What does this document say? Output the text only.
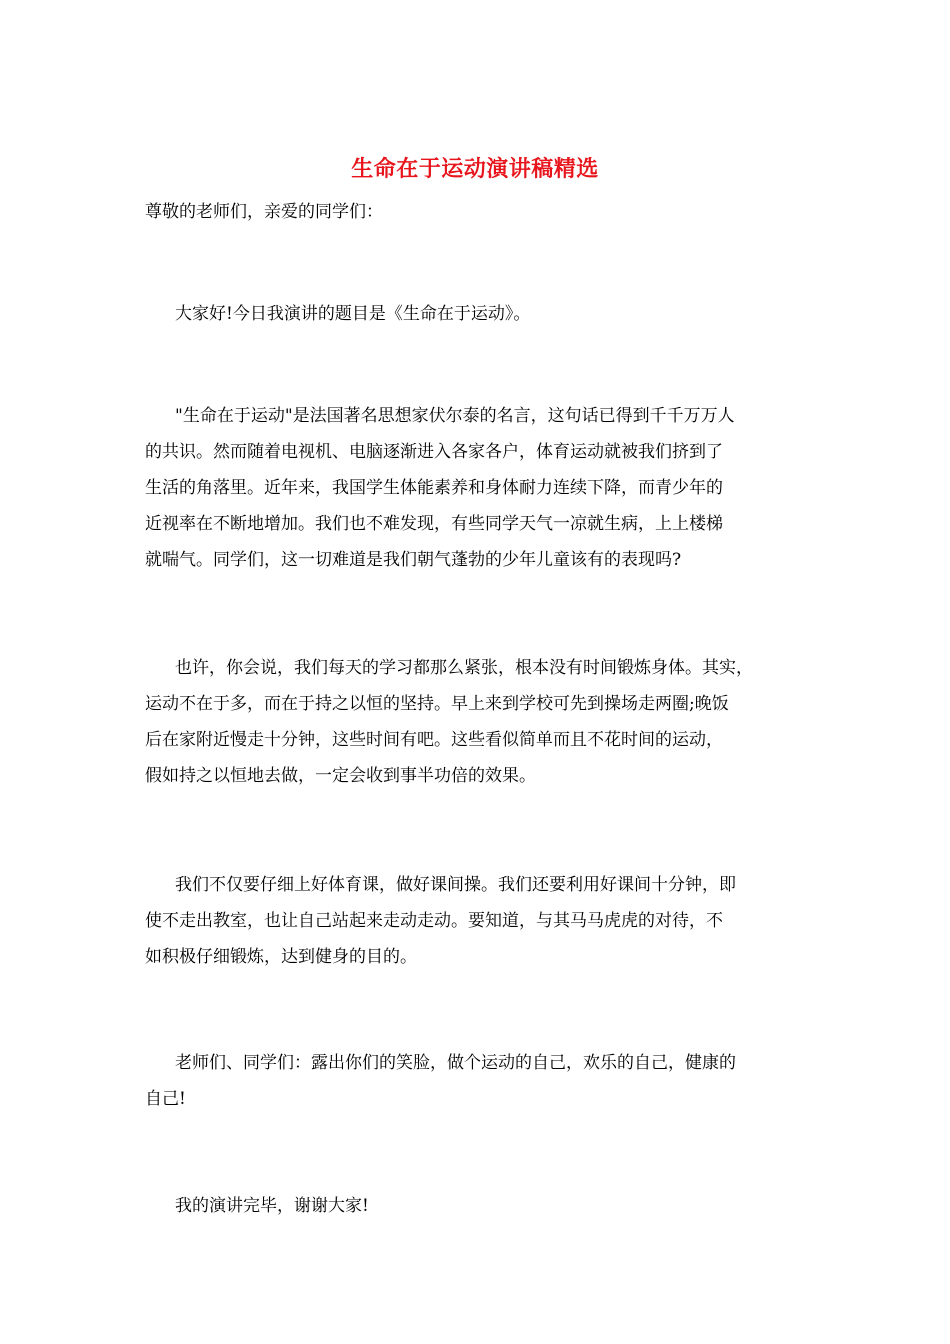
生命在于运动演讲稿精选

尊敬的老师们，亲爱的同学们：

大家好!今日我演讲的题目是《生命在于运动》。

"生命在于运动"是法国著名思想家伏尔泰的名言，这句话已得到千千万万人
的共识。然而随着电视机、电脑逐渐进入各家各户，体育运动就被我们挤到了
生活的角落里。近年来，我国学生体能素养和身体耐力连续下降，而青少年的
近视率在不断地增加。我们也不难发现，有些同学天气一凉就生病，上上楼梯
就喘气。同学们，这一切难道是我们朝气蓬勃的少年儿童该有的表现吗?

也许，你会说，我们每天的学习都那么紧张，根本没有时间锻炼身体。其实，
运动不在于多，而在于持之以恒的坚持。早上来到学校可先到操场走两圈;晚饭
后在家附近慢走十分钟，这些时间有吧。这些看似简单而且不花时间的运动，
假如持之以恒地去做，一定会收到事半功倍的效果。

我们不仅要仔细上好体育课，做好课间操。我们还要利用好课间十分钟，即
使不走出教室，也让自己站起来走动走动。要知道，与其马马虎虎的对待，不
如积极仔细锻炼，达到健身的目的。

老师们、同学们：露出你们的笑脸，做个运动的自己，欢乐的自己，健康的
自己!

我的演讲完毕，谢谢大家!
